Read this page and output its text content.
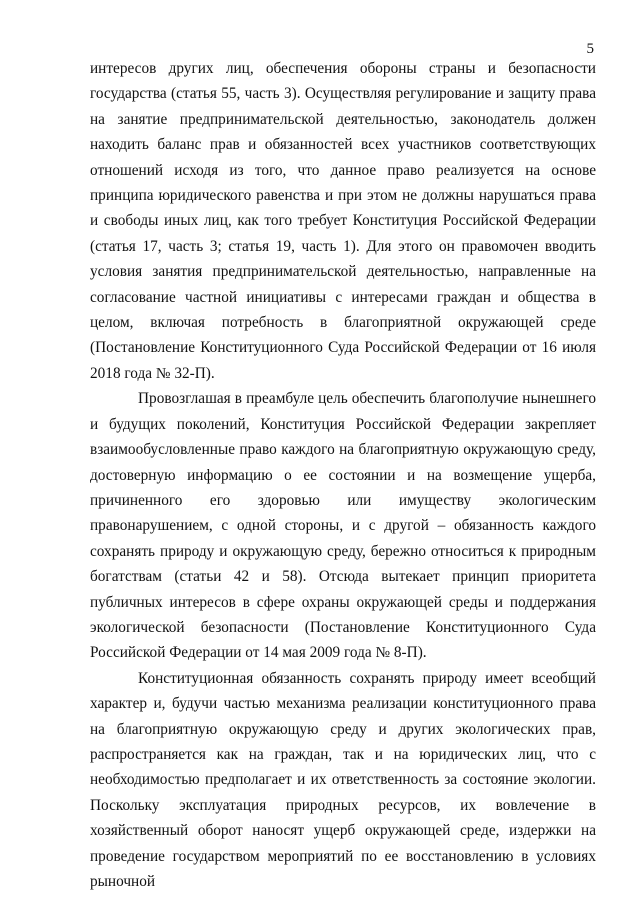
5

интересов других лиц, обеспечения обороны страны и безопасности государства (статья 55, часть 3). Осуществляя регулирование и защиту права на занятие предпринимательской деятельностью, законодатель должен находить баланс прав и обязанностей всех участников соответствующих отношений исходя из того, что данное право реализуется на основе принципа юридического равенства и при этом не должны нарушаться права и свободы иных лиц, как того требует Конституция Российской Федерации (статья 17, часть 3; статья 19, часть 1). Для этого он правомочен вводить условия занятия предпринимательской деятельностью, направленные на согласование частной инициативы с интересами граждан и общества в целом, включая потребность в благоприятной окружающей среде (Постановление Конституционного Суда Российской Федерации от 16 июля 2018 года № 32-П).

Провозглашая в преамбуле цель обеспечить благополучие нынешнего и будущих поколений, Конституция Российской Федерации закрепляет взаимообусловленные право каждого на благоприятную окружающую среду, достоверную информацию о ее состоянии и на возмещение ущерба, причиненного его здоровью или имуществу экологическим правонарушением, с одной стороны, и с другой – обязанность каждого сохранять природу и окружающую среду, бережно относиться к природным богатствам (статьи 42 и 58). Отсюда вытекает принцип приоритета публичных интересов в сфере охраны окружающей среды и поддержания экологической безопасности (Постановление Конституционного Суда Российской Федерации от 14 мая 2009 года № 8-П).

Конституционная обязанность сохранять природу имеет всеобщий характер и, будучи частью механизма реализации конституционного права на благоприятную окружающую среду и других экологических прав, распространяется как на граждан, так и на юридических лиц, что с необходимостью предполагает и их ответственность за состояние экологии. Поскольку эксплуатация природных ресурсов, их вовлечение в хозяйственный оборот наносят ущерб окружающей среде, издержки на проведение государством мероприятий по ее восстановлению в условиях рыночной
